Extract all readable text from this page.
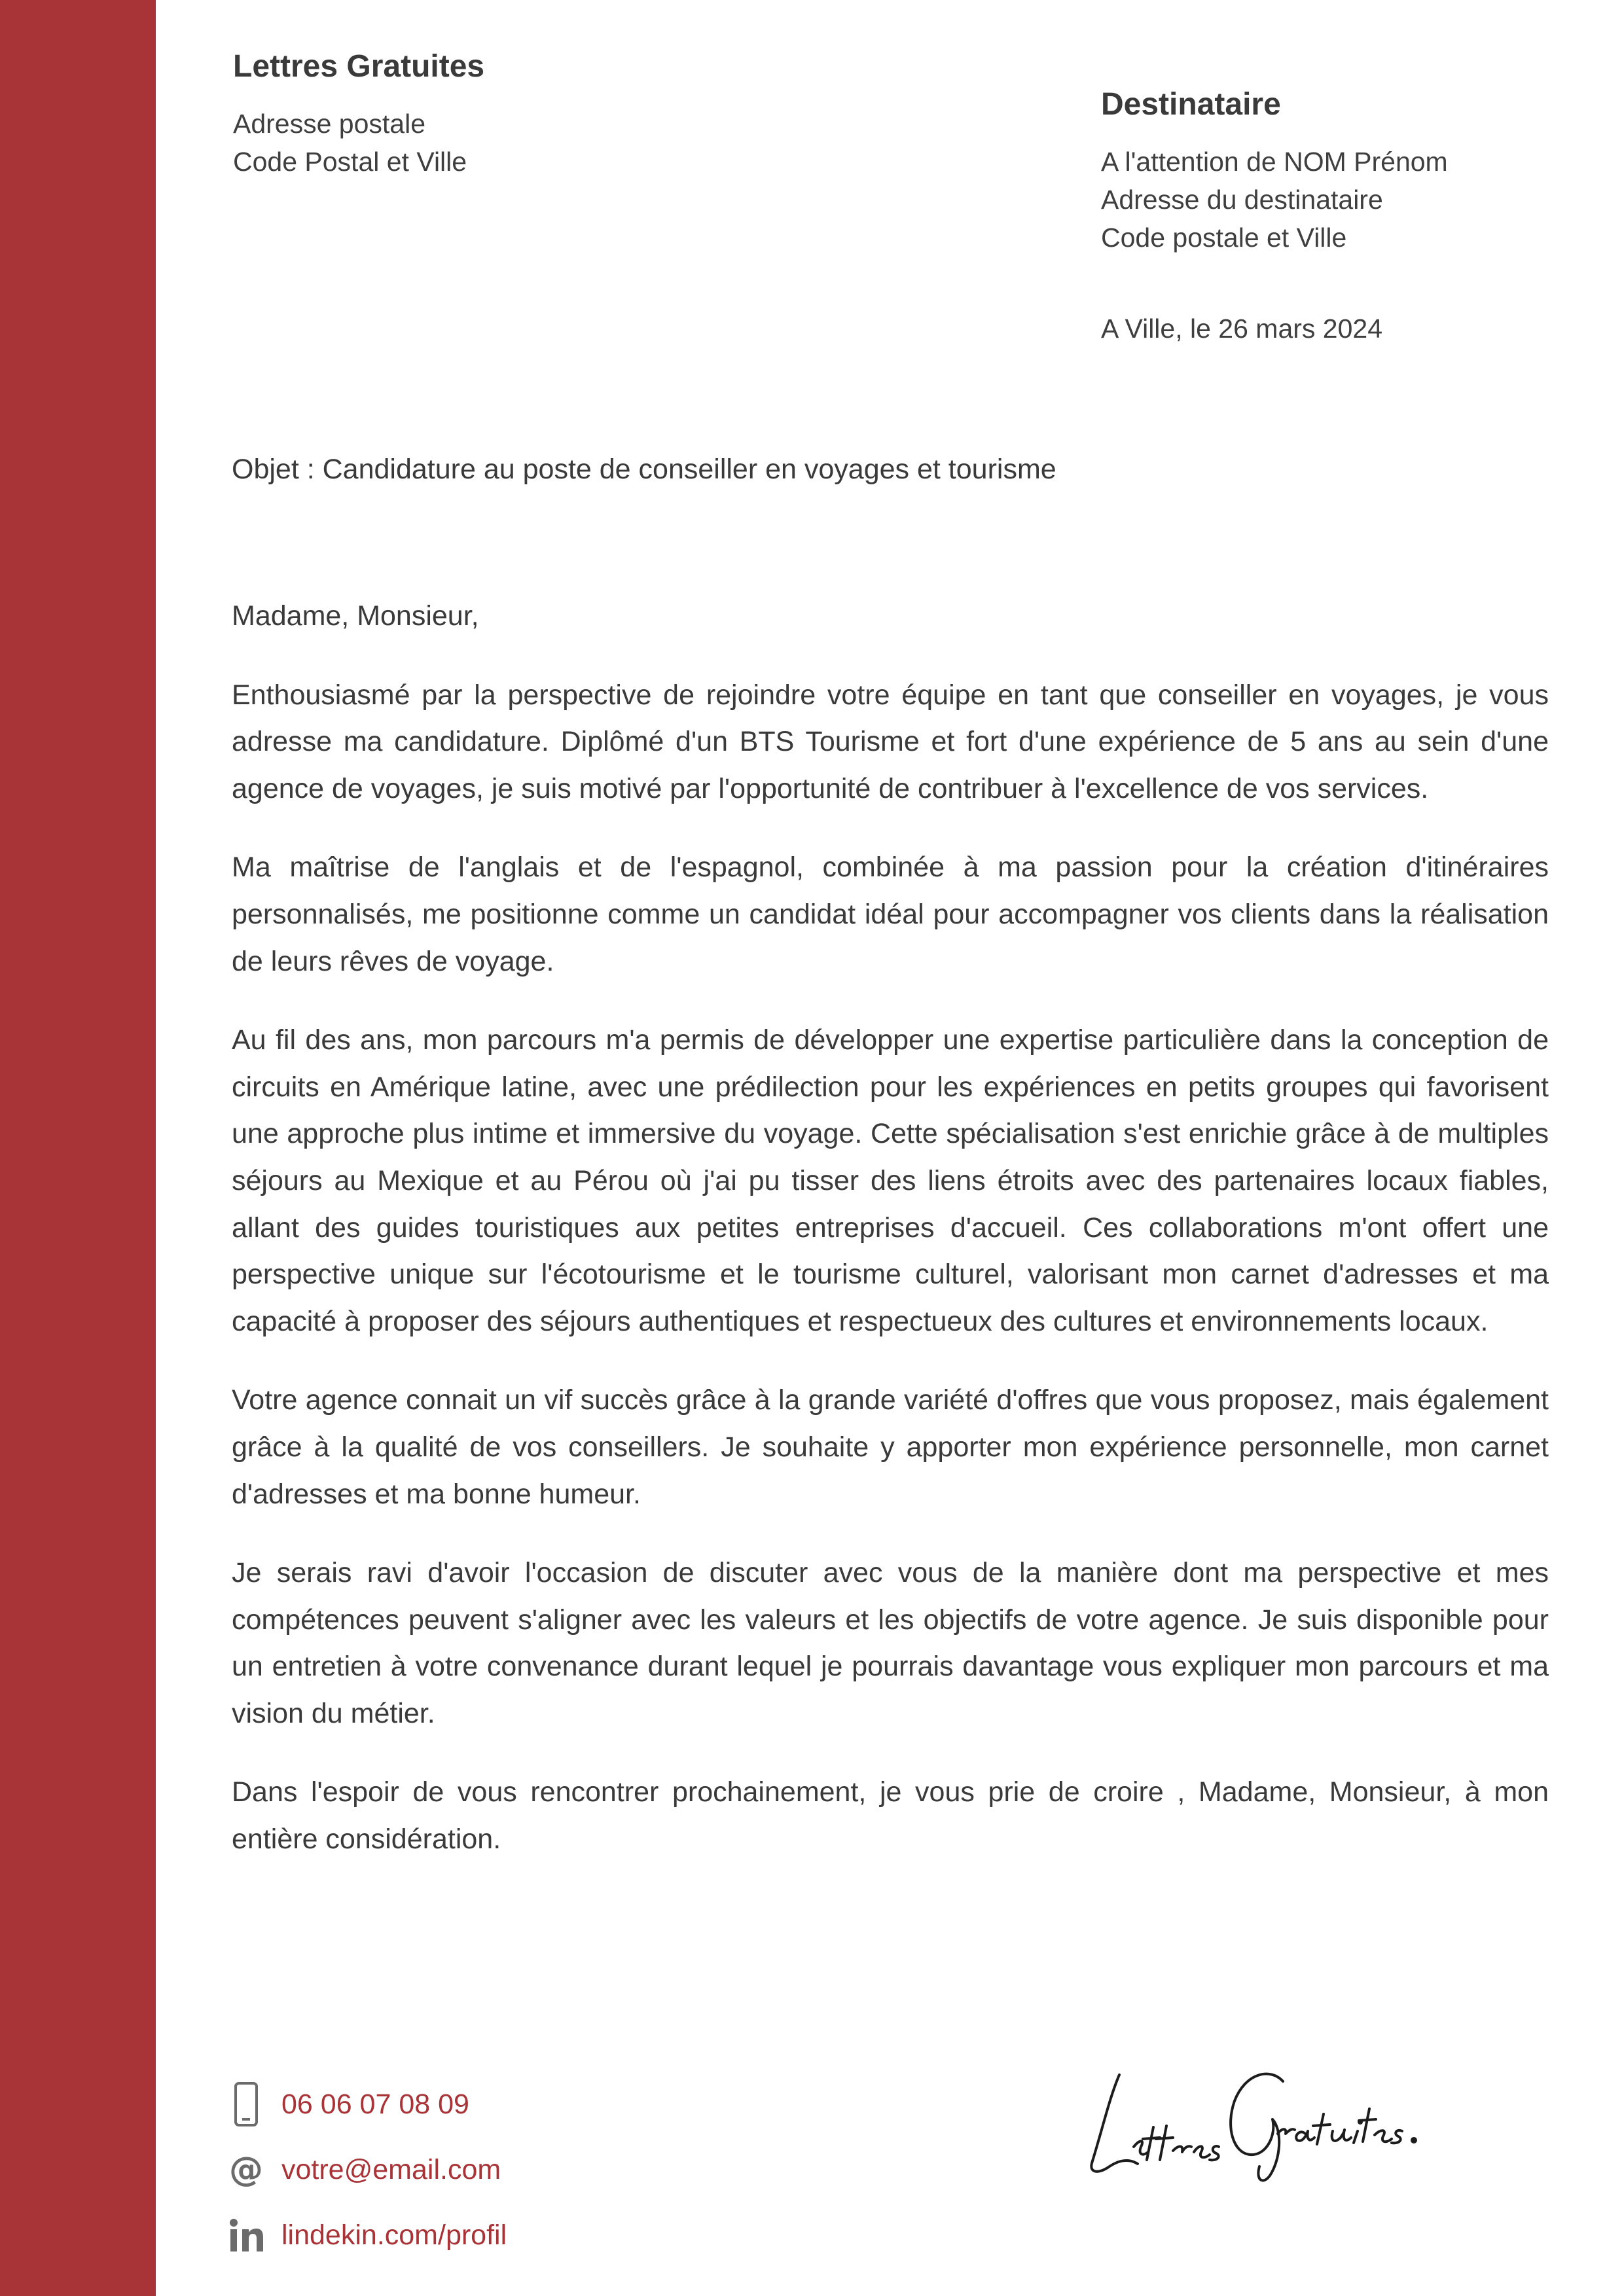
Lettres Gratuites
Adresse postale
Code Postal et Ville
Destinataire
A l'attention de NOM Prénom
Adresse du destinataire
Code postale et Ville
A Ville, le 26 mars 2024
Objet : Candidature au poste de conseiller en voyages et tourisme

Madame, Monsieur,

Enthousiasmé par la perspective de rejoindre votre équipe en tant que conseiller en voyages, je vous adresse ma candidature. Diplômé d'un BTS Tourisme et fort d'une expérience de 5 ans au sein d'une agence de voyages, je suis motivé par l'opportunité de contribuer à l'excellence de vos services.

Ma maîtrise de l'anglais et de l'espagnol, combinée à ma passion pour la création d'itinéraires personnalisés, me positionne comme un candidat idéal pour accompagner vos clients dans la réalisation de leurs rêves de voyage.

Au fil des ans, mon parcours m'a permis de développer une expertise particulière dans la conception de circuits en Amérique latine, avec une prédilection pour les expériences en petits groupes qui favorisent une approche plus intime et immersive du voyage. Cette spécialisation s'est enrichie grâce à de multiples séjours au Mexique et au Pérou où j'ai pu tisser des liens étroits avec des partenaires locaux fiables, allant des guides touristiques aux petites entreprises d'accueil. Ces collaborations m'ont offert une perspective unique sur l'écotourisme et le tourisme culturel, valorisant mon carnet d'adresses et ma capacité à proposer des séjours authentiques et respectueux des cultures et environnements locaux.

Votre agence connait un vif succès grâce à la grande variété d'offres que vous proposez, mais également grâce à la qualité de vos conseillers. Je souhaite y apporter mon expérience personnelle, mon carnet d'adresses et ma bonne humeur.

Je serais ravi d'avoir l'occasion de discuter avec vous de la manière dont ma perspective et mes compétences peuvent s'aligner avec les valeurs et les objectifs de votre agence. Je suis disponible pour un entretien à votre convenance durant lequel je pourrais davantage vous expliquer mon parcours et ma vision du métier.

Dans l'espoir de vous rencontrer prochainement, je vous prie de croire , Madame, Monsieur, à mon entière considération.

06 06 07 08 09
@ votre@email.com
lindekin.com/profil
Lettres Gratuites.
